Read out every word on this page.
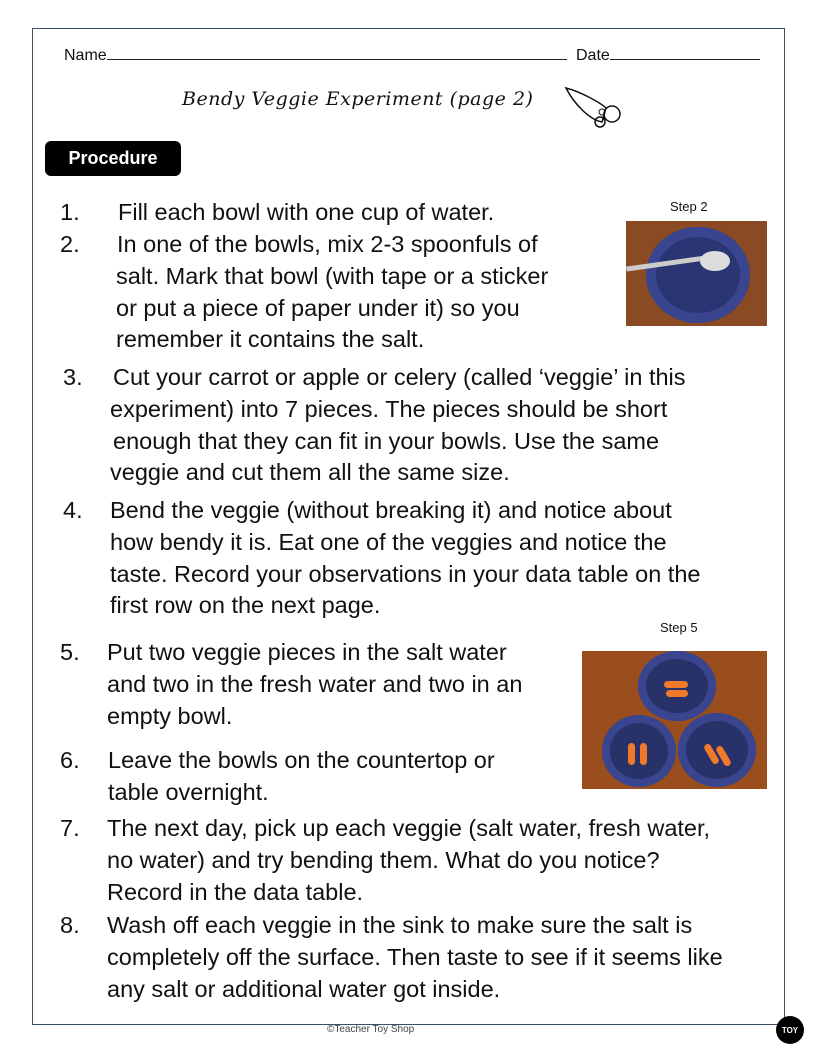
Name	Date
Bendy Veggie Experiment (page 2)
Procedure
Step 2
Step 5
1. Fill each bowl with one cup of water.
2. In one of the bowls, mix 2-3 spoonfuls of
salt. Mark that bowl (with tape or a sticker
or put a piece of paper under it) so you
remember it contains the salt.
3. Cut your carrot or apple or celery (called ‘veggie’ in this
experiment) into 7 pieces. The pieces should be short
enough that they can fit in your bowls. Use the same
veggie and cut them all the same size.
4. Bend the veggie (without breaking it) and notice about
how bendy it is. Eat one of the veggies and notice the
taste. Record your observations in your data table on the
first row on the next page.
5. Put two veggie pieces in the salt water
and two in the fresh water and two in an
empty bowl.
6. Leave the bowls on the countertop or
table overnight.
7. The next day, pick up each veggie (salt water, fresh water,
no water) and try bending them. What do you notice?
Record in the data table.
8. Wash off each veggie in the sink to make sure the salt is
completely off the surface. Then taste to see if it seems like
any salt or additional water got inside.
©Teacher Toy Shop	TOY
